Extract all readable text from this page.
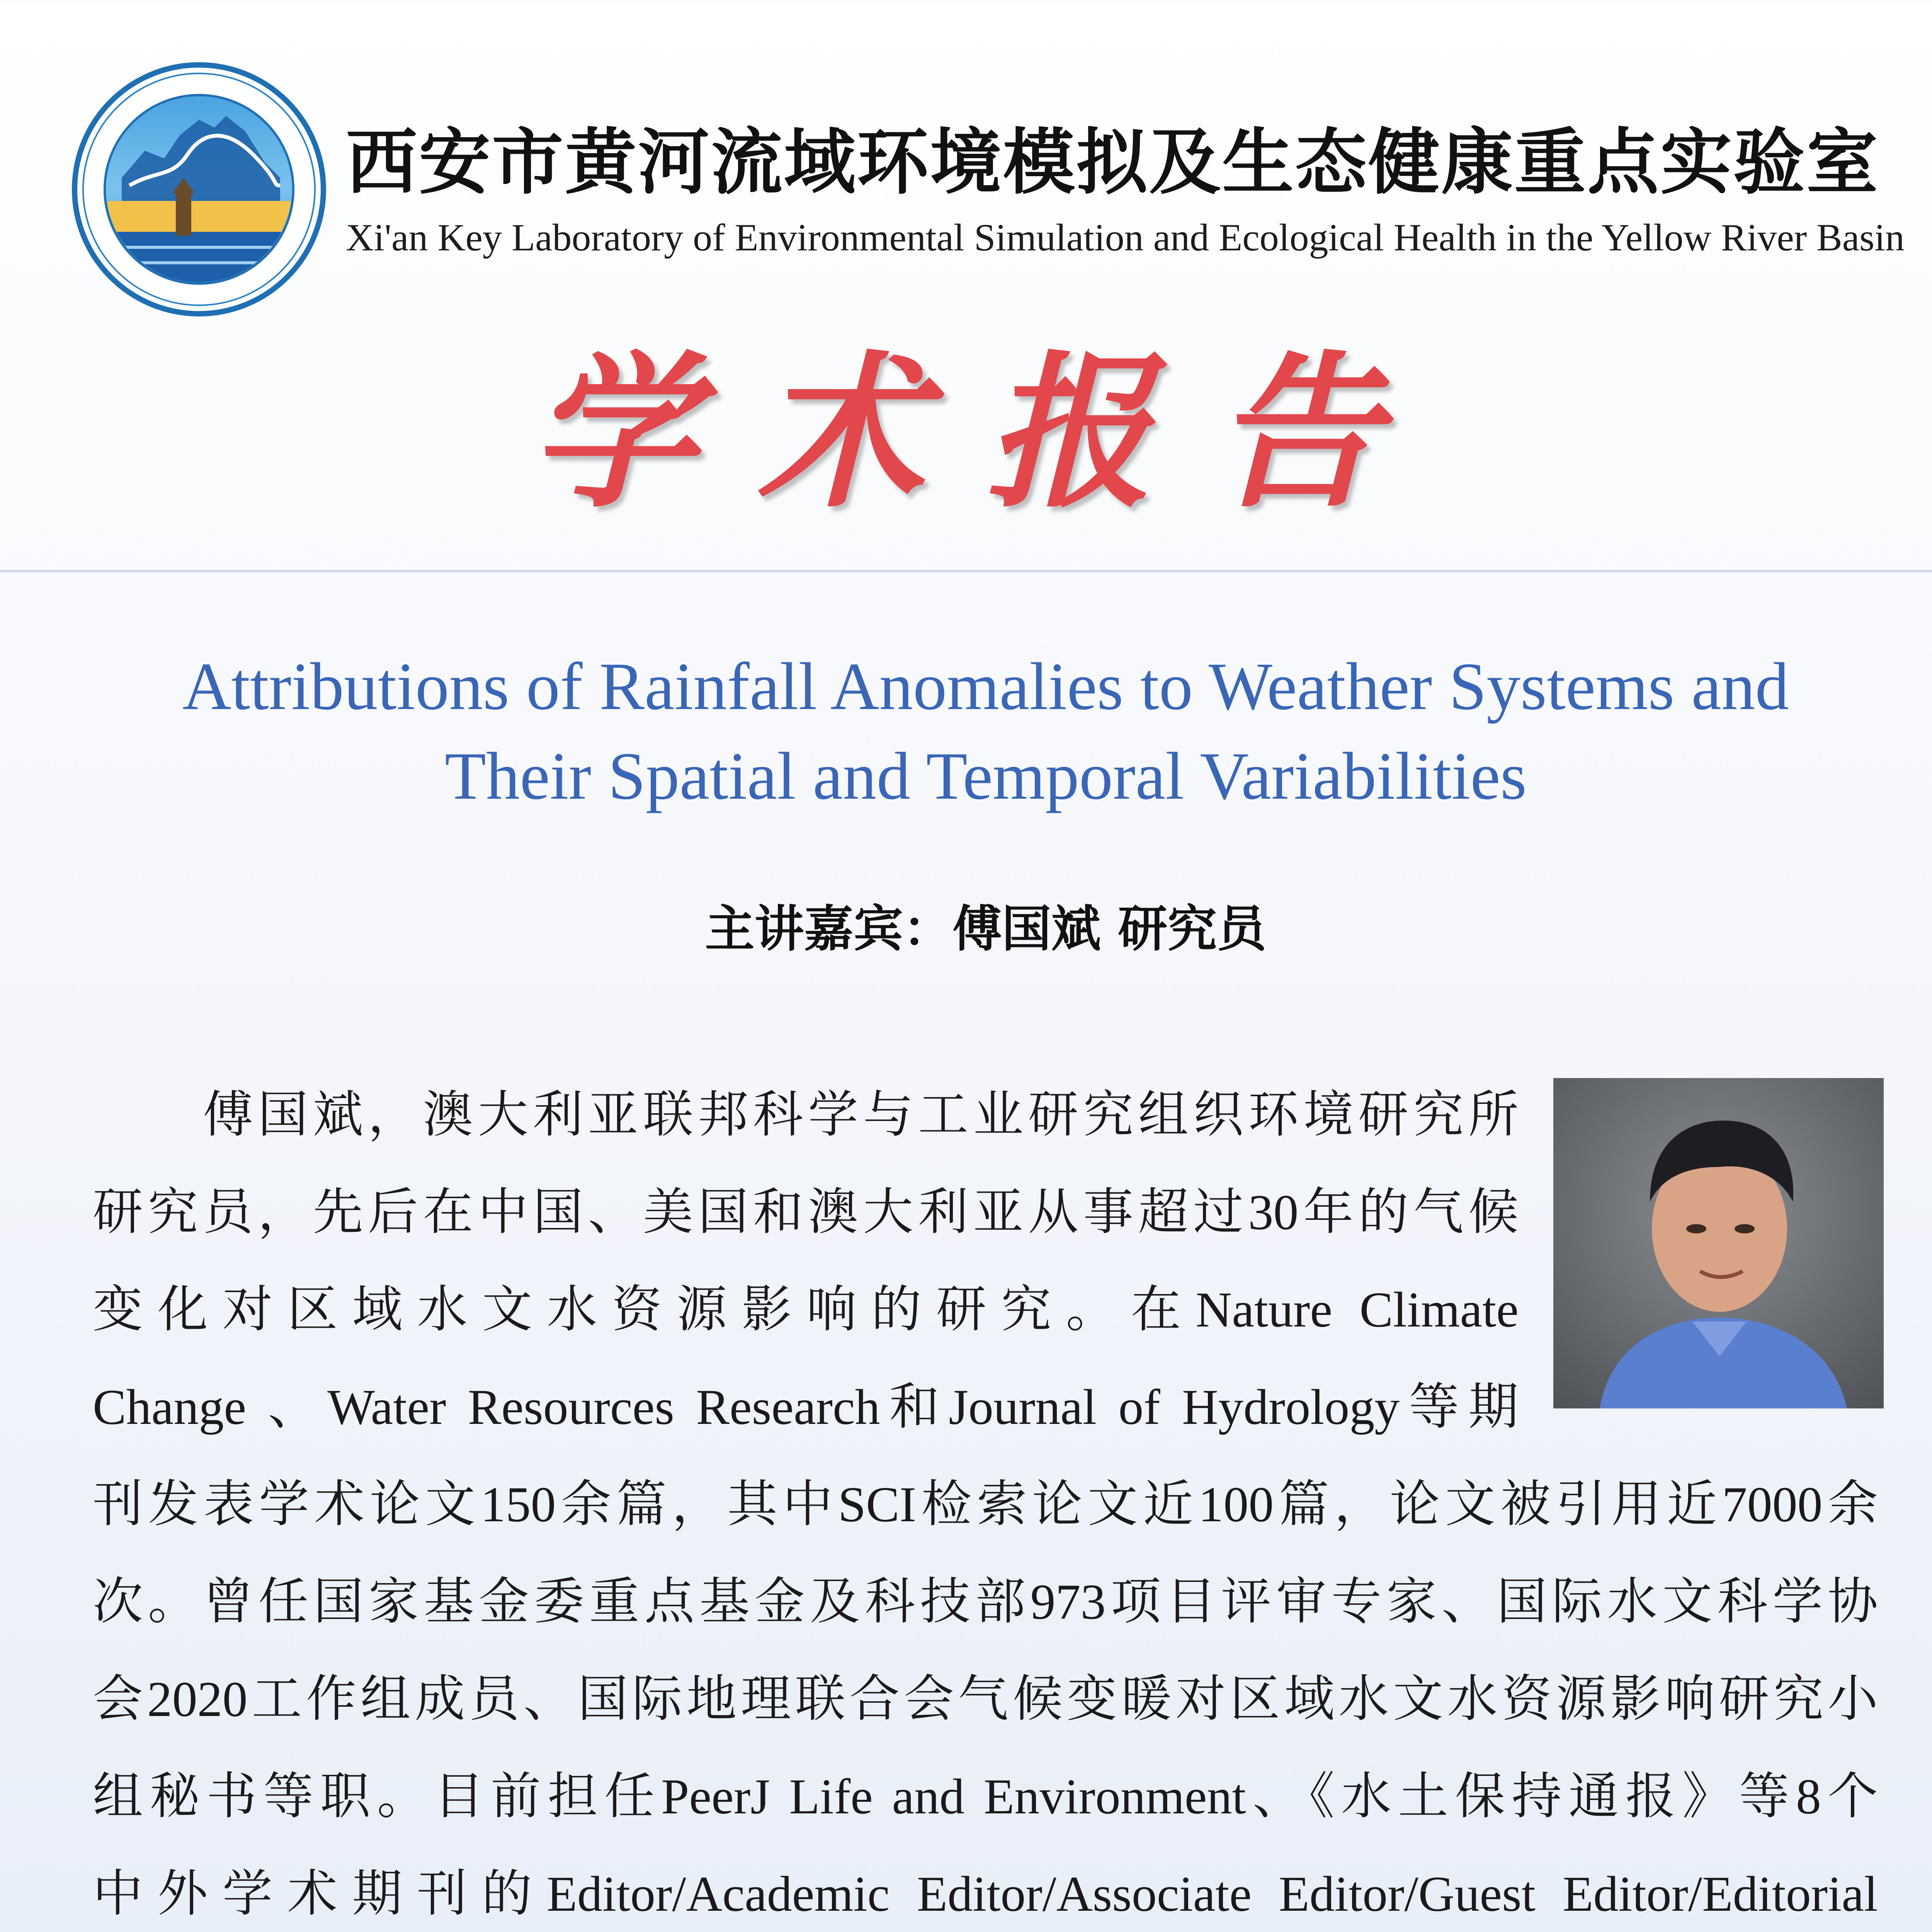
西安市黄河流域环境模拟及生态健康重点实验室
Xi'an Key Laboratory of Environmental Simulation and Ecological Health in the Yellow River Basin
学术报告
Attributions of Rainfall Anomalies to Weather Systems and
Their Spatial and Temporal Variabilities
主讲嘉宾：傅国斌 研究员
　　傅国斌，澳大利亚联邦科学与工业研究组织环境研究所
研究员，先后在中国、美国和澳大利亚从事超过30年的气候
变化对区域水文水资源影响的研究。在Nature Climate
Change 、Water Resources Research和Journal of Hydrology等期
刊发表学术论文150余篇，其中SCI检索论文近100篇，论文被引用近7000余
次。曾任国家基金委重点基金及科技部973项目评审专家、国际水文科学协
会2020工作组成员、国际地理联合会气候变暖对区域水文水资源影响研究小
组秘书等职。目前担任PeerJ Life and Environment、《水土保持通报》等8个
中外学术期刊的Editor/Academic Editor/Associate Editor/Guest Editor/Editorial
